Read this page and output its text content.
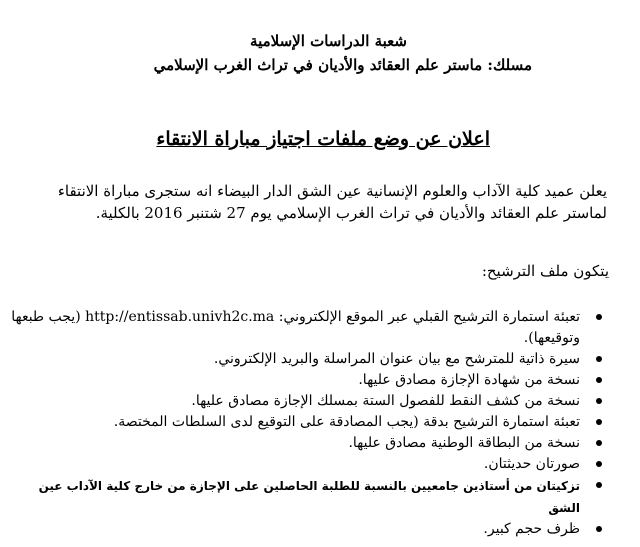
شعبة الدراسات الإسلامية
مسلك: ماستر علم العقائد والأديان في تراث الغرب الإسلامي
اعلان عن وضع ملفات اجتياز مباراة الانتقاء

يعلن عميد كلية الآداب والعلوم الإنسانية عين الشق الدار البيضاء انه ستجرى مباراة الانتقاء لماستر علم العقائد والأديان في تراث الغرب الإسلامي يوم 27 شتنبر 2016 بالكلية.

يتكون ملف الترشيح:
تعبئة استمارة الترشيح القبلي عبر الموقع الإلكتروني: http://entissab.univh2c.ma (يجب طبعها وتوقيعها).
سيرة ذاتية للمترشح مع بيان عنوان المراسلة والبريد الإلكتروني.
نسخة من شهادة الإجازة مصادق عليها.
نسخة من كشف النقط للفصول الستة بمسلك الإجازة مصادق عليها.
تعبئة استمارة الترشيح بدقة (يجب المصادقة على التوقيع لدى السلطات المختصة.
نسخة من البطاقة الوطنية مصادق عليها.
صورتان حديثتان.
تزكيتان من أستاذين جامعيين بالنسبة للطلبة الحاصلين على الإجازة من خارج كلية الآداب عين الشق
ظرف حجم كبير.
